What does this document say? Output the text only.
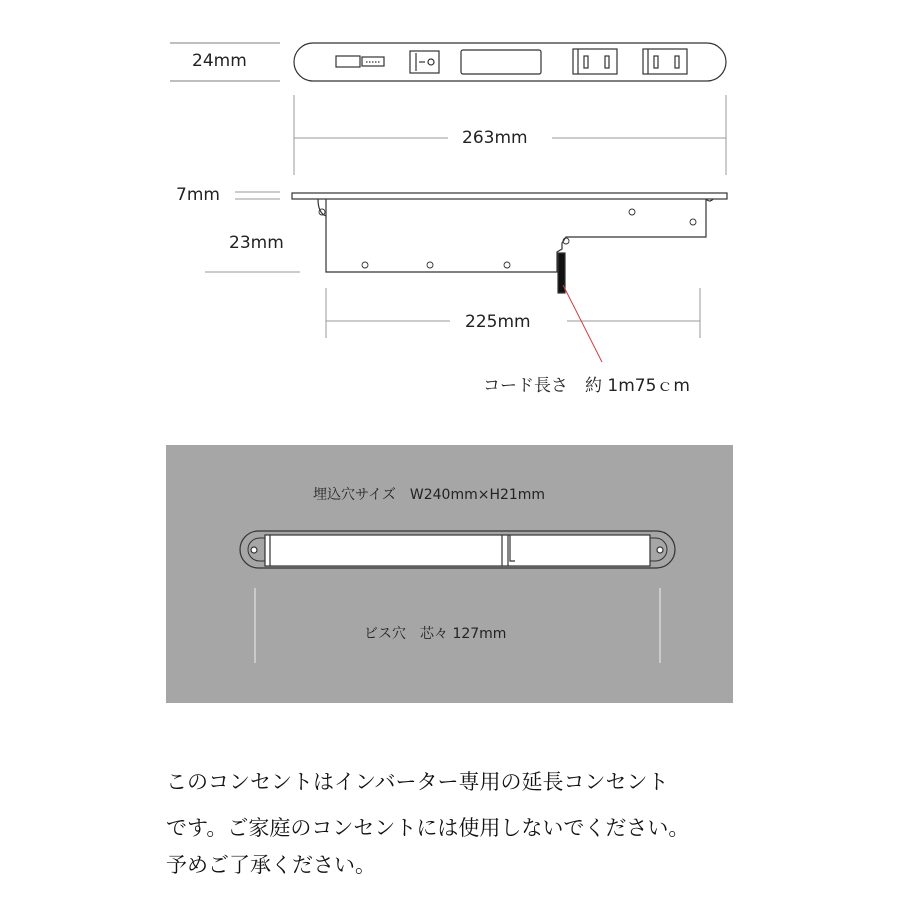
24mm
263mm
7mm
23mm
225mm
コード長さ　約 1m75ｃm
埋込穴サイズ　W240mm×H21mm
ビス穴　芯々 127mm
このコンセントはインバーター専用の延長コンセント
です。ご家庭のコンセントには使用しないでください。
予めご了承ください。
